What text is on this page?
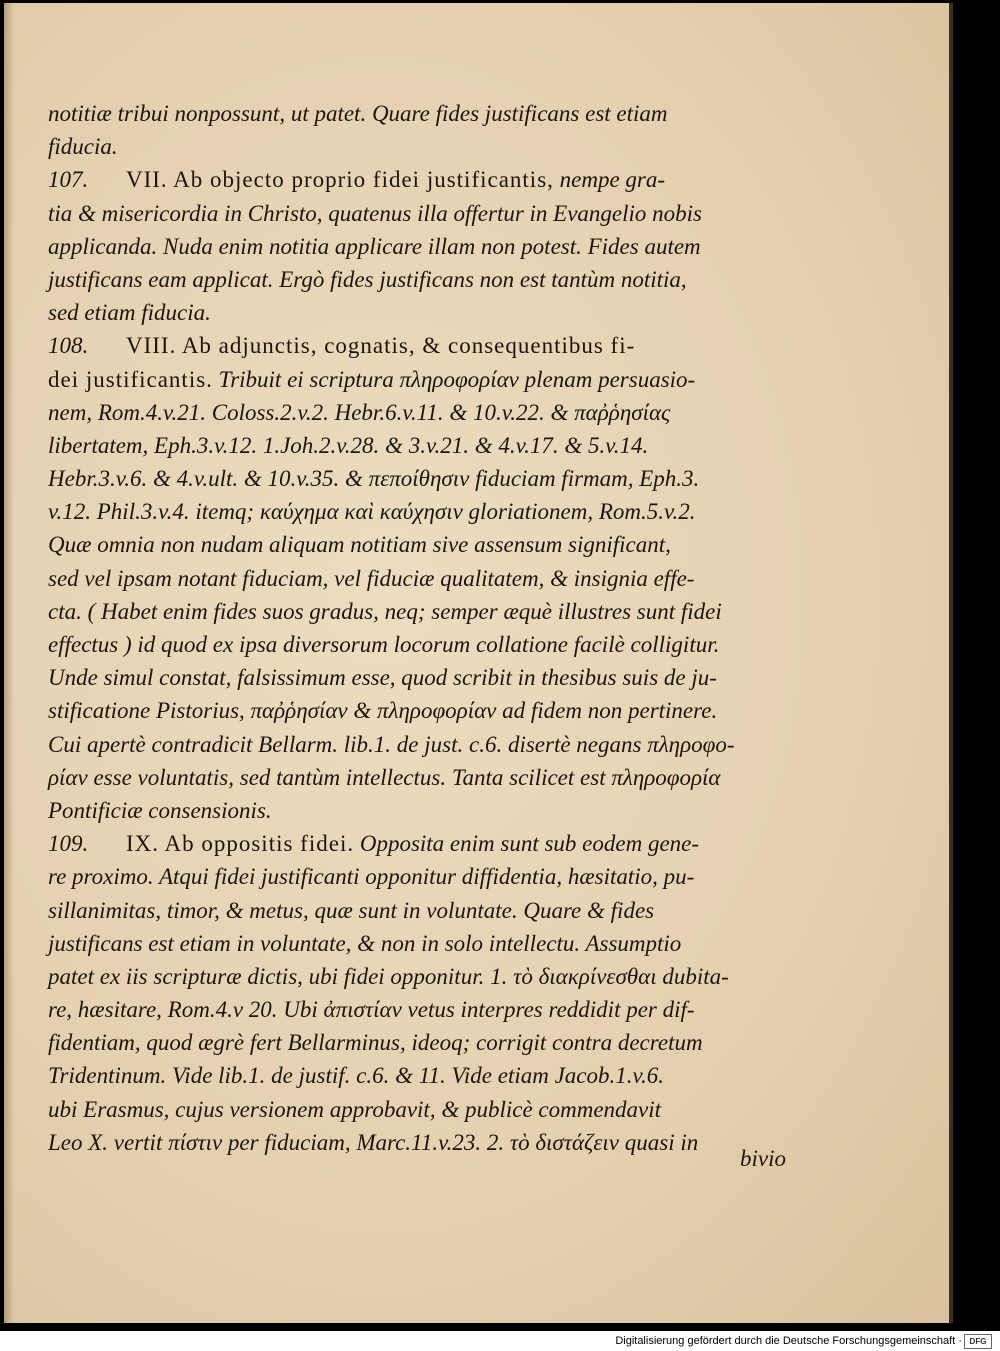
notitiæ tribui nonpossunt, ut patet. Quare fides justificans est etiam
fiducia.
107. VII. Ab objecto proprio fidei justificantis, nempe gra-
tia & misericordia in Christo, quatenus illa offertur in Evangelio nobis
applicanda. Nuda enim notitia applicare illam non potest. Fides autem
justificans eam applicat. Ergò fides justificans non est tantùm notitia,
sed etiam fiducia.
108. VIII. Ab adjunctis, cognatis, & consequentibus fi-
dei justificantis. Tribuit ei scriptura πληροφορίαν plenam persuasio-
nem, Rom.4.v.21. Coloss.2.v.2. Hebr.6.v.11. & 10.v.22. & παῤῥησίας
libertatem, Eph.3.v.12. 1.Joh.2.v.28. & 3.v.21. & 4.v.17. & 5.v.14.
Hebr.3.v.6. & 4.v.ult. & 10.v.35. & πεποίθησιν fiduciam firmam, Eph.3.
v.12. Phil.3.v.4. itemq; καύχημα καὶ καύχησιν gloriationem, Rom.5.v.2.
Quæ omnia non nudam aliquam notitiam sive assensum significant,
sed vel ipsam notant fiduciam, vel fiduciæ qualitatem, & insignia effe-
cta. ( Habet enim fides suos gradus, neq; semper æquè illustres sunt fidei
effectus ) id quod ex ipsa diversorum locorum collatione facilè colligitur.
Unde simul constat, falsissimum esse, quod scribit in thesibus suis de ju-
stificatione Pistorius, παῤῥησίαν & πληροφορίαν ad fidem non pertinere.
Cui apertè contradicit Bellarm. lib.1. de just. c.6. disertè negans πληροφο-
ρίαν esse voluntatis, sed tantùm intellectus. Tanta scilicet est πληροφορία
Pontificiæ consensionis.
109. IX. Ab oppositis fidei. Opposita enim sunt sub eodem gene-
re proximo. Atqui fidei justificanti opponitur diffidentia, hæsitatio, pu-
sillanimitas, timor, & metus, quæ sunt in voluntate. Quare & fides
justificans est etiam in voluntate, & non in solo intellectu. Assumptio
patet ex iis scripturæ dictis, ubi fidei opponitur. 1. τὸ διακρίνεσθαι dubita-
re, hæsitare, Rom.4.v 20. Ubi ἀπιστίαν vetus interpres reddidit per dif-
fidentiam, quod ægrè fert Bellarminus, ideoq; corrigit contra decretum
Tridentinum. Vide lib.1. de justif. c.6. & 11. Vide etiam Jacob.1.v.6.
ubi Erasmus, cujus versionem approbavit, & publicè commendavit
Leo X. vertit πίστιν per fiduciam, Marc.11.v.23. 2. τὸ διστάζειν quasi in
bivio
Digitalisierung gefördert durch die Deutsche Forschungsgemeinschaft · DFG
